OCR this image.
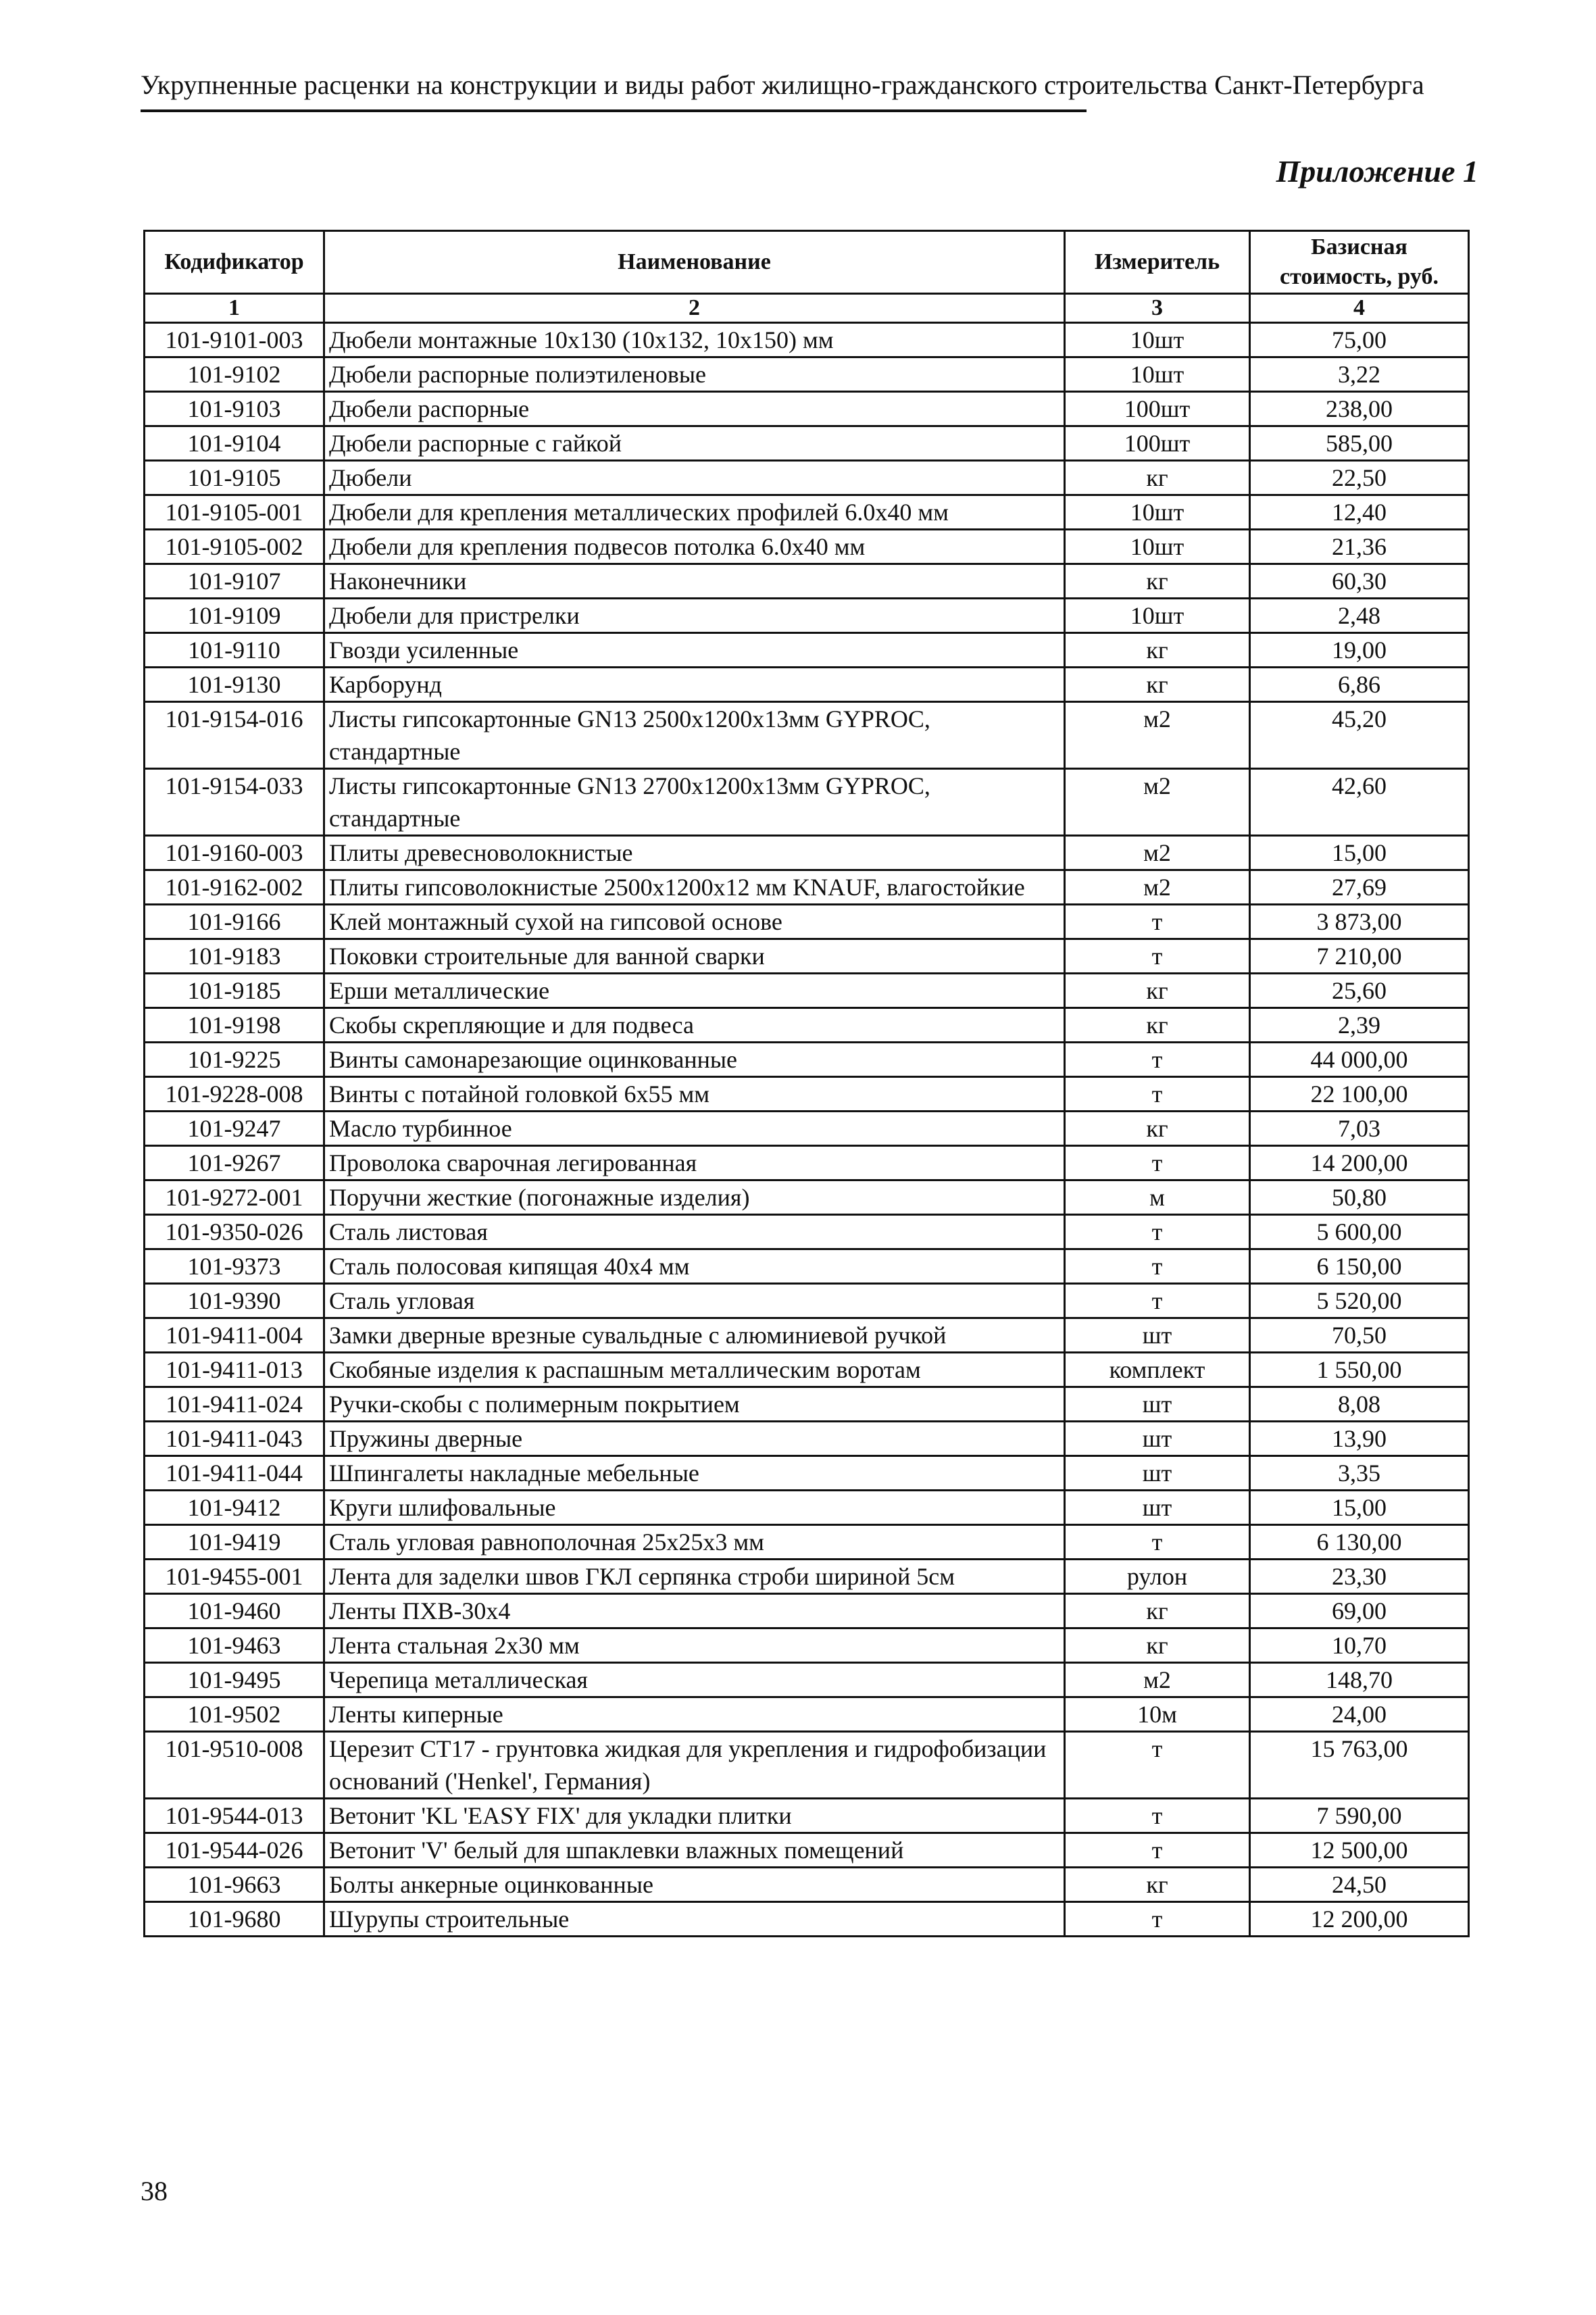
Укрупненные расценки на конструкции и виды работ жилищно-гражданского строительства Санкт-Петербурга
Приложение 1
Кодификатор	Наименование	Измеритель	Базисная стоимость, руб.
1	2	3	4
101-9101-003	Дюбели монтажные 10х130 (10х132, 10х150) мм	10шт	75,00
101-9102	Дюбели распорные полиэтиленовые	10шт	3,22
101-9103	Дюбели распорные	100шт	238,00
101-9104	Дюбели распорные с гайкой	100шт	585,00
101-9105	Дюбели	кг	22,50
101-9105-001	Дюбели для крепления металлических профилей 6.0х40 мм	10шт	12,40
101-9105-002	Дюбели для крепления подвесов потолка 6.0х40 мм	10шт	21,36
101-9107	Наконечники	кг	60,30
101-9109	Дюбели для пристрелки	10шт	2,48
101-9110	Гвозди усиленные	кг	19,00
101-9130	Карборунд	кг	6,86
101-9154-016	Листы гипсокартонные GN13 2500х1200х13мм GYPROC, стандартные	м2	45,20
101-9154-033	Листы гипсокартонные GN13 2700х1200х13мм GYPROC, стандартные	м2	42,60
101-9160-003	Плиты древесноволокнистые	м2	15,00
101-9162-002	Плиты гипсоволокнистые 2500х1200х12 мм KNAUF, влагостойкие	м2	27,69
101-9166	Клей монтажный сухой на гипсовой основе	т	3 873,00
101-9183	Поковки строительные для ванной сварки	т	7 210,00
101-9185	Ерши металлические	кг	25,60
101-9198	Скобы скрепляющие и для подвеса	кг	2,39
101-9225	Винты самонарезающие оцинкованные	т	44 000,00
101-9228-008	Винты с потайной головкой 6х55 мм	т	22 100,00
101-9247	Масло турбинное	кг	7,03
101-9267	Проволока сварочная легированная	т	14 200,00
101-9272-001	Поручни жесткие (погонажные изделия)	м	50,80
101-9350-026	Сталь листовая	т	5 600,00
101-9373	Сталь полосовая кипящая 40х4 мм	т	6 150,00
101-9390	Сталь угловая	т	5 520,00
101-9411-004	Замки дверные врезные сувальдные с алюминиевой ручкой	шт	70,50
101-9411-013	Скобяные изделия к распашным металлическим воротам	комплект	1 550,00
101-9411-024	Ручки-скобы с полимерным покрытием	шт	8,08
101-9411-043	Пружины дверные	шт	13,90
101-9411-044	Шпингалеты накладные мебельные	шт	3,35
101-9412	Круги шлифовальные	шт	15,00
101-9419	Сталь угловая равнополочная 25х25х3 мм	т	6 130,00
101-9455-001	Лента для заделки швов ГКЛ серпянка строби шириной 5см	рулон	23,30
101-9460	Ленты ПХВ-30х4	кг	69,00
101-9463	Лента стальная 2х30 мм	кг	10,70
101-9495	Черепица металлическая	м2	148,70
101-9502	Ленты киперные	10м	24,00
101-9510-008	Церезит СТ17 - грунтовка жидкая для укрепления и гидрофобизации оснований ('Henkel', Германия)	т	15 763,00
101-9544-013	Ветонит 'KL 'EASY FIX' для укладки плитки	т	7 590,00
101-9544-026	Ветонит 'V' белый для шпаклевки влажных помещений	т	12 500,00
101-9663	Болты анкерные оцинкованные	кг	24,50
101-9680	Шурупы строительные	т	12 200,00
38
